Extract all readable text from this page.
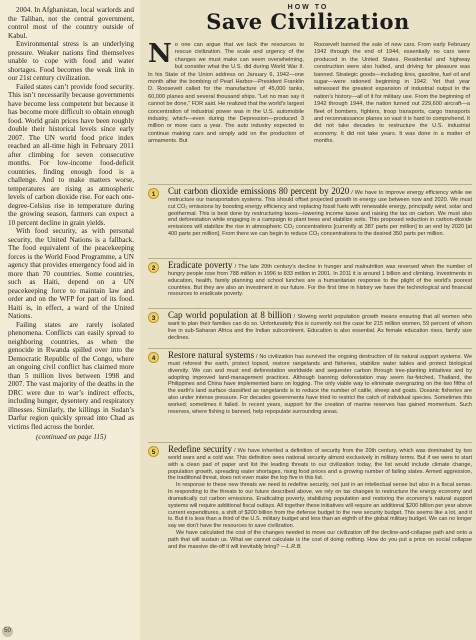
2004. In Afghanistan, local warlords and the Taliban, not the central government, control most of the country outside of Kabul.

Environmental stress is an underlying pressure. Weaker nations find themselves unable to cope with food and water shortages. Food becomes the weak link in our 21st century civilization.

Failed states can’t provide food security. This isn’t necessarily because governments have become less competent but because it has become more difficult to obtain enough food. World grain prices have been roughly double their historical levels since early 2007. The UN world food price index reached an all-time high in February 2011 after climbing for seven consecutive months. For low-income food-deficit countries, finding enough food is a challenge. And to make matters worse, temperatures are rising as atmospheric levels of carbon dioxide rise. For each one-degree-Celsius rise in temperature during the growing season, farmers can expect a 10 percent decline in grain yields.

With food security, as with personal security, the United Nations is a fallback. The food equivalent of the peacekeeping forces is the World Food Programme, a UN agency that provides emergency food aid in more than 70 countries. Some countries, such as Haiti, depend on a UN peacekeeping force to maintain law and order and on the WFP for part of its food. Haiti is, in effect, a ward of the United Nations.

Failing states are rarely isolated phenomena. Conflicts can easily spread to neighboring countries, as when the genocide in Rwanda spilled over into the Democratic Republic of the Congo, where an ongoing civil conflict has claimed more than 5 million lives between 1998 and 2007. The vast majority of the deaths in the DRC were due to war’s indirect effects, including hunger, dysentery and respiratory illnesses. Similarly, the killings in Sudan’s Darfur region quickly spread into Chad as victims fled across the border.

(continued on page 115)

50
HOW TO
Save Civilization
No one can argue that we lack the resources to rescue civilization. The scale and urgency of the changes we must make can seem overwhelming, but consider what the U.S. did during World War II. In his State of the Union address on January 6, 1942—one month after the bombing of Pearl Harbor—President Franklin D. Roosevelt called for the manufacture of 45,000 tanks, 60,000 planes and several thousand ships. “Let no man say it cannot be done,” FDR said. He realized that the world’s largest concentration of industrial power was in the U.S. automobile industry, which—even during the Depression—produced 3 million or more cars a year. The auto industry expected to continue making cars and simply add on the production of armaments. But
Roosevelt banned the sale of new cars. From early February 1942 through the end of 1944, essentially no cars were produced in the United States. Residential and highway construction were also halted, and driving for pleasure was banned. Strategic goods—including tires, gasoline, fuel oil and sugar—were rationed beginning in 1942. Yet that year witnessed the greatest expansion of industrial output in the nation’s history—all of it for military use. From the beginning of 1942 through 1944, the nation turned out 229,600 aircraft—a fleet of bombers, fighters, troop transports, cargo transports and reconnaissance planes so vast it is hard to comprehend. It did not take decades to restructure the U.S. industrial economy. It did not take years. It was done in a matter of months.
1	Cut carbon dioxide emissions 80 percent by 2020 / We have to improve energy efficiency while we restructure our transportation systems. This should offset projected growth in energy use between now and 2020. We must cut CO₂ emissions by boosting energy efficiency and replacing fossil fuels with renewable energy, principally wind, solar and geothermal. This is best done by restructuring taxes—lowering income taxes and raising the tax on carbon. We must also end deforestation while engaging in a campaign to plant trees and stabilize soils. This proposed reduction in carbon-dioxide emissions will stabilize the rise in atmospheric CO₂ concentrations [currently at 387 parts per million] to an end by 2020 [at 400 parts per million]. From there we can begin to reduce CO₂ concentrations to the desired 350 parts per million.

2	Eradicate poverty / The late 20th century’s decline in hunger and malnutrition was reversed when the number of hungry people rose from 788 million in 1996 to 833 million in 2001. In 2011 it is around 1 billion and climbing. Investments in education, health, family planning and school lunches are a humanitarian response to the plight of the world’s poorest countries. But they are also an investment in our future. For the first time in history we have the technological and financial resources to eradicate poverty.

3	Cap world population at 8 billion / Slowing world population growth means ensuring that all women who want to plan their families can do so. Unfortunately this is currently not the case for 215 million women, 59 percent of whom live in sub-Saharan Africa and the Indian subcontinent. Education is also essential. As female education rises, family size declines.

4	Restore natural systems / No civilization has survived the ongoing destruction of its natural support systems. We must reforest the earth, protect topsoil, restore rangelands and fisheries, stabilize water tables and protect biological diversity. We can and must end deforestation worldwide and sequester carbon through tree-planting initiatives and by adopting improved land-management practices. Although banning deforestation may seem far-fetched, Thailand, the Philippines and China have implemented bans on logging. The only viable way to eliminate overgrazing on the two fifths of the earth’s land surface classified as rangelands is to reduce the number of cattle, sheep and goats. Oceanic fisheries are also under intense pressure. For decades governments have tried to restrict the catch of individual species. Sometimes this worked; sometimes it failed. In recent years, support for the creation of marine reserves has gained momentum. Such reserves, where fishing is banned, help repopulate surrounding areas.

5	Redefine security / We have inherited a definition of security from the 20th century, which was dominated by two world wars and a cold war. This definition sees national security almost exclusively in military terms. But if we were to start with a clean pad of paper and list the leading threats to our civilization today, the list would include climate change, population growth, spreading water shortages, rising food prices and a growing number of failing states. Armed aggression, the traditional threat, does not even make the top five in this list.

In response to these new threats we need to redefine security, not just in an intellectual sense but also in a fiscal sense. In responding to the threats to our future described above, we rely on tax changes to restructure the energy economy and dramatically cut carbon emissions. Eradicating poverty, stabilizing population and restoring the economy’s natural support systems will require additional fiscal outlays. All together these initiatives will require an additional $200 billion per year above current expenditures, a shift of $200 billion from the defense budget to the new security budget. This seems like a lot, and it is. But it is less than a third of the U.S. military budget and less than an eighth of the global military budget. We can no longer say we don’t have the resources to save civilization.

We have calculated the cost of the changes needed to move our civilization off the decline-and-collapse path and onto a path that will sustain us. What we cannot calculate is the cost of doing nothing. How do you put a price on social collapse and the massive die-off it will inevitably bring? —L.R.B.
